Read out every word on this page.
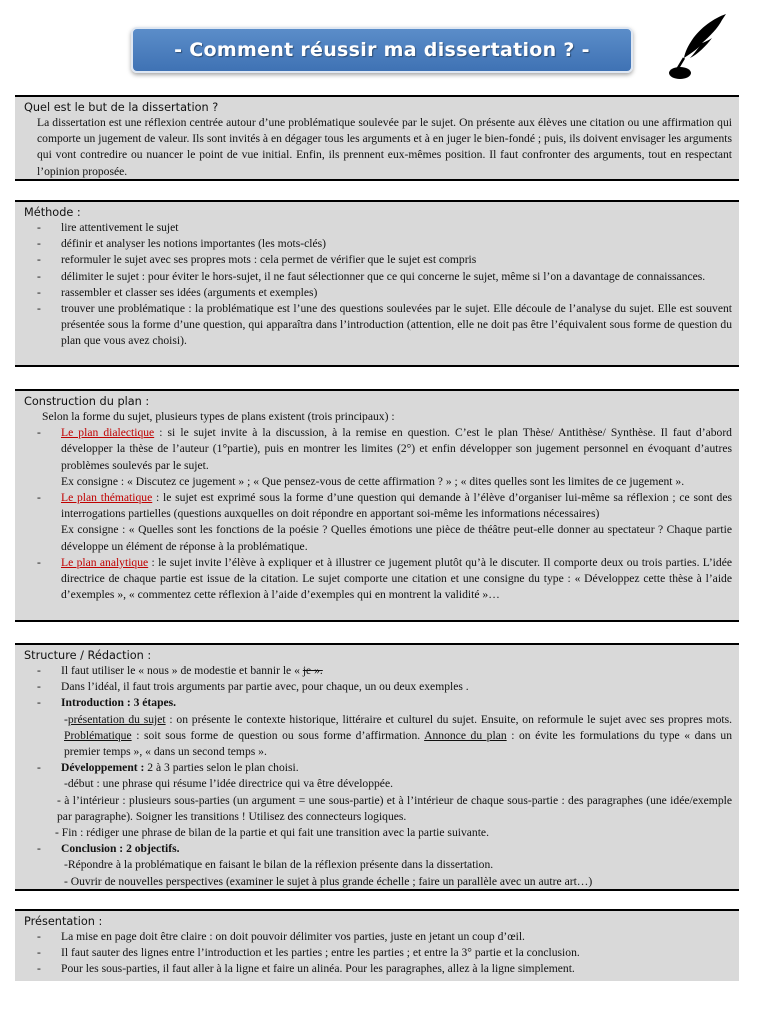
- Comment réussir ma dissertation ? -
Quel est le but de la dissertation ?
La dissertation est une réflexion centrée autour d’une problématique soulevée par le sujet. On présente aux élèves une citation ou une affirmation qui comporte un jugement de valeur. Ils sont invités à en dégager tous les arguments et à en juger le bien-fondé ; puis, ils doivent envisager les arguments qui vont contredire ou nuancer le point de vue initial. Enfin, ils prennent eux-mêmes position. Il faut confronter des arguments, tout en respectant l’opinion proposée.
Méthode :
- lire attentivement le sujet
- définir et analyser les notions importantes (les mots-clés)
- reformuler le sujet avec ses propres mots : cela permet de vérifier que le sujet est compris
- délimiter le sujet : pour éviter le hors-sujet, il ne faut sélectionner que ce qui concerne le sujet, même si l’on a davantage de connaissances.
- rassembler et classer ses idées (arguments et exemples)
- trouver une problématique : la problématique est l’une des questions soulevées par le sujet. Elle découle de l’analyse du sujet. Elle est souvent présentée sous la forme d’une question, qui apparaîtra dans l’introduction (attention, elle ne doit pas être l’équivalent sous forme de question du plan que vous avez choisi).
Construction du plan :
Selon la forme du sujet, plusieurs types de plans existent (trois principaux) :
- Le plan dialectique : si le sujet invite à la discussion, à la remise en question. C’est le plan Thèse/ Antithèse/ Synthèse. Il faut d’abord développer la thèse de l’auteur (1°partie), puis en montrer les limites (2°) et enfin développer son jugement personnel en évoquant d’autres problèmes soulevés par le sujet.
Ex consigne : « Discutez ce jugement » ; « Que pensez-vous de cette affirmation ? » ; « dites quelles sont les limites de ce jugement ».
- Le plan thématique : le sujet est exprimé sous la forme d’une question qui demande à l’élève d’organiser lui-même sa réflexion ; ce sont des interrogations partielles (questions auxquelles on doit répondre en apportant soi-même les informations nécessaires)
Ex consigne : « Quelles sont les fonctions de la poésie ? Quelles émotions une pièce de théâtre peut-elle donner au spectateur ? Chaque partie développe un élément de réponse à la problématique.
- Le plan analytique : le sujet invite l’élève à expliquer et à illustrer ce jugement plutôt qu’à le discuter. Il comporte deux ou trois parties. L’idée directrice de chaque partie est issue de la citation. Le sujet comporte une citation et une consigne du type : « Développez cette thèse à l’aide d’exemples », « commentez cette réflexion à l’aide d’exemples qui en montrent la validité »…
Structure / Rédaction :
- Il faut utiliser le « nous » de modestie et bannir le « je ».
- Dans l’idéal, il faut trois arguments par partie avec, pour chaque, un ou deux exemples .
- Introduction : 3 étapes.
-présentation du sujet : on présente le contexte historique, littéraire et culturel du sujet. Ensuite, on reformule le sujet avec ses propres mots. Problématique : soit sous forme de question ou sous forme d’affirmation. Annonce du plan : on évite les formulations du type « dans un premier temps », « dans un second temps ».
- Développement : 2 à 3 parties selon le plan choisi.
-début : une phrase qui résume l’idée directrice qui va être développée.
- à l’intérieur : plusieurs sous-parties (un argument = une sous-partie) et à l’intérieur de chaque sous-partie : des paragraphes (une idée/exemple par paragraphe). Soigner les transitions ! Utilisez des connecteurs logiques.
- Fin : rédiger une phrase de bilan de la partie et qui fait une transition avec la partie suivante.
- Conclusion : 2 objectifs.
-Répondre à la problématique en faisant le bilan de la réflexion présente dans la dissertation.
- Ouvrir de nouvelles perspectives (examiner le sujet à plus grande échelle ; faire un parallèle avec un autre art…)
Présentation :
- La mise en page doit être claire : on doit pouvoir délimiter vos parties, juste en jetant un coup d’œil.
- Il faut sauter des lignes entre l’introduction et les parties ; entre les parties ; et entre la 3° partie et la conclusion.
- Pour les sous-parties, il faut aller à la ligne et faire un alinéa. Pour les paragraphes, allez à la ligne simplement.
